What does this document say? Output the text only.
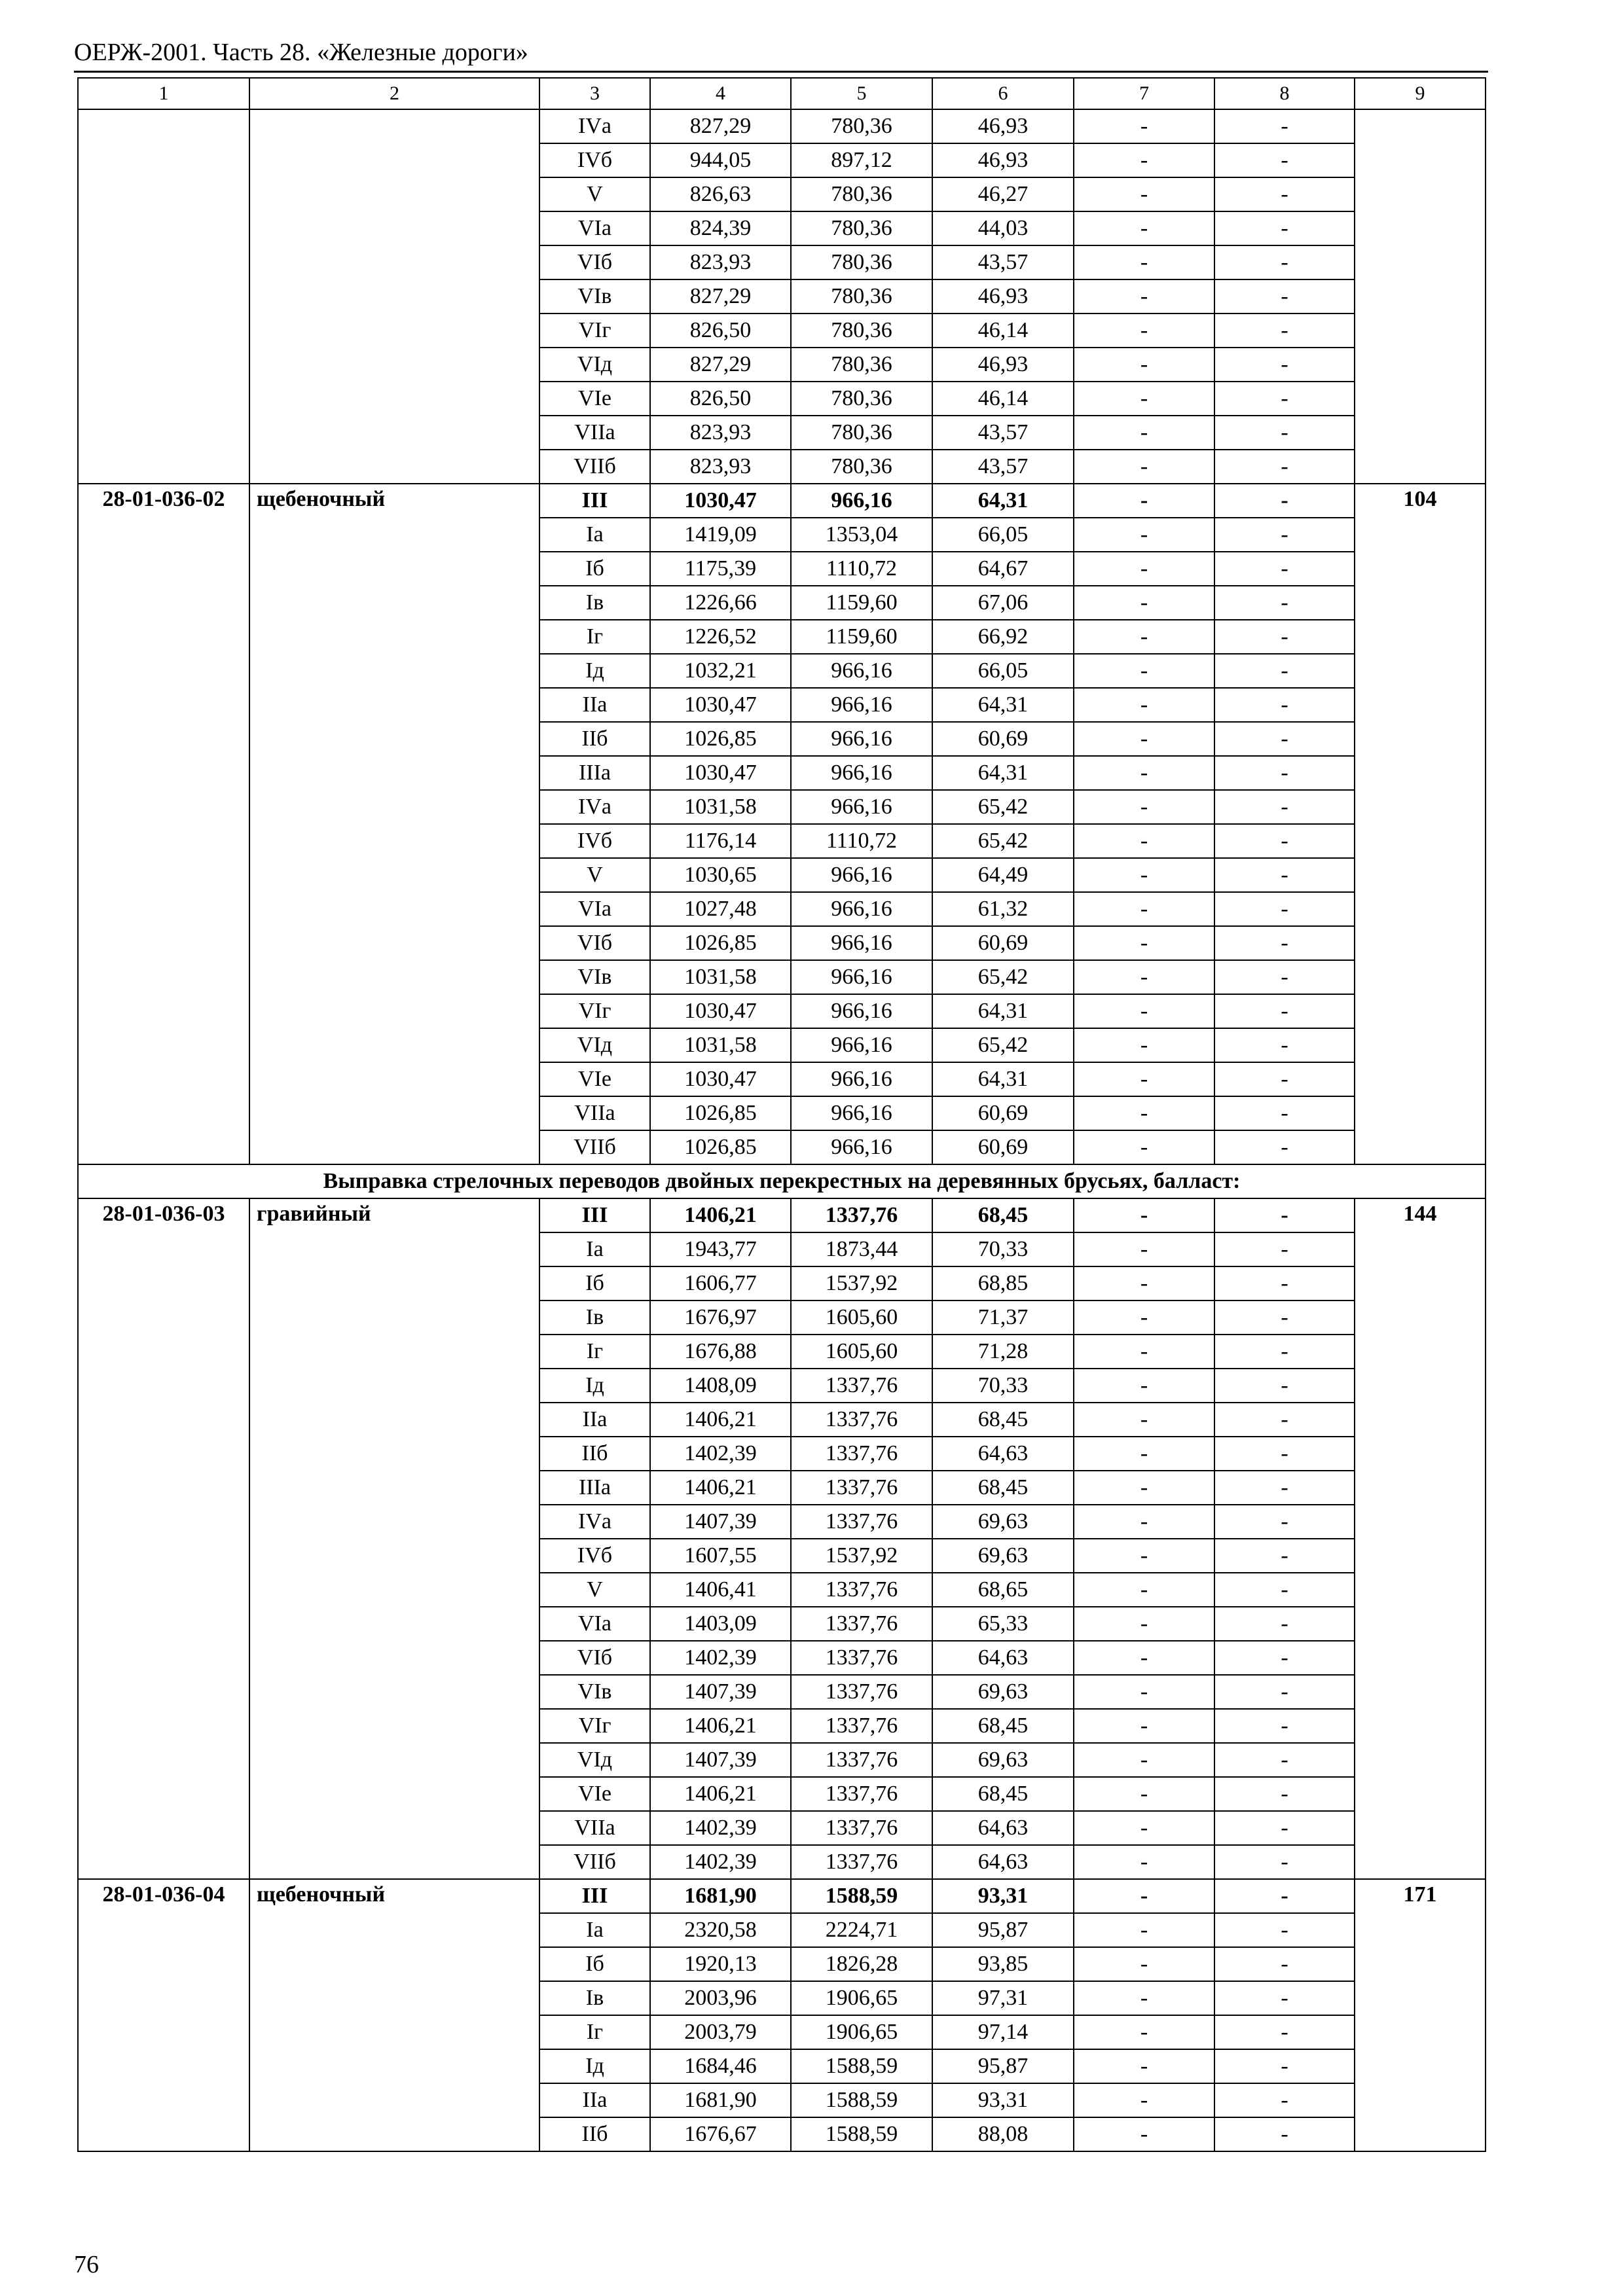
ОЕРЖ-2001. Часть 28. «Железные дороги»
1	2	3	4	5	6	7	8	9
		IVа	827,29	780,36	46,93	-	-	
		IVб	944,05	897,12	46,93	-	-	
		V	826,63	780,36	46,27	-	-	
		VIа	824,39	780,36	44,03	-	-	
		VIб	823,93	780,36	43,57	-	-	
		VIв	827,29	780,36	46,93	-	-	
		VIг	826,50	780,36	46,14	-	-	
		VIд	827,29	780,36	46,93	-	-	
		VIе	826,50	780,36	46,14	-	-	
		VIIа	823,93	780,36	43,57	-	-	
		VIIб	823,93	780,36	43,57	-	-	
28-01-036-02	щебеночный	III	1030,47	966,16	64,31	-	-	104
		Iа	1419,09	1353,04	66,05	-	-	
		Iб	1175,39	1110,72	64,67	-	-	
		Iв	1226,66	1159,60	67,06	-	-	
		Iг	1226,52	1159,60	66,92	-	-	
		Iд	1032,21	966,16	66,05	-	-	
		IIа	1030,47	966,16	64,31	-	-	
		IIб	1026,85	966,16	60,69	-	-	
		IIIа	1030,47	966,16	64,31	-	-	
		IVа	1031,58	966,16	65,42	-	-	
		IVб	1176,14	1110,72	65,42	-	-	
		V	1030,65	966,16	64,49	-	-	
		VIа	1027,48	966,16	61,32	-	-	
		VIб	1026,85	966,16	60,69	-	-	
		VIв	1031,58	966,16	65,42	-	-	
		VIг	1030,47	966,16	64,31	-	-	
		VIд	1031,58	966,16	65,42	-	-	
		VIе	1030,47	966,16	64,31	-	-	
		VIIа	1026,85	966,16	60,69	-	-	
		VIIб	1026,85	966,16	60,69	-	-	
Выправка стрелочных переводов двойных перекрестных на деревянных брусьях, балласт:								
28-01-036-03	гравийный	III	1406,21	1337,76	68,45	-	-	144
		Iа	1943,77	1873,44	70,33	-	-	
		Iб	1606,77	1537,92	68,85	-	-	
		Iв	1676,97	1605,60	71,37	-	-	
		Iг	1676,88	1605,60	71,28	-	-	
		Iд	1408,09	1337,76	70,33	-	-	
		IIа	1406,21	1337,76	68,45	-	-	
		IIб	1402,39	1337,76	64,63	-	-	
		IIIа	1406,21	1337,76	68,45	-	-	
		IVа	1407,39	1337,76	69,63	-	-	
		IVб	1607,55	1537,92	69,63	-	-	
		V	1406,41	1337,76	68,65	-	-	
		VIа	1403,09	1337,76	65,33	-	-	
		VIб	1402,39	1337,76	64,63	-	-	
		VIв	1407,39	1337,76	69,63	-	-	
		VIг	1406,21	1337,76	68,45	-	-	
		VIд	1407,39	1337,76	69,63	-	-	
		VIе	1406,21	1337,76	68,45	-	-	
		VIIа	1402,39	1337,76	64,63	-	-	
		VIIб	1402,39	1337,76	64,63	-	-	
28-01-036-04	щебеночный	III	1681,90	1588,59	93,31	-	-	171
		Iа	2320,58	2224,71	95,87	-	-	
		Iб	1920,13	1826,28	93,85	-	-	
		Iв	2003,96	1906,65	97,31	-	-	
		Iг	2003,79	1906,65	97,14	-	-	
		Iд	1684,46	1588,59	95,87	-	-	
		IIа	1681,90	1588,59	93,31	-	-	
		IIб	1676,67	1588,59	88,08	-	-	
76
